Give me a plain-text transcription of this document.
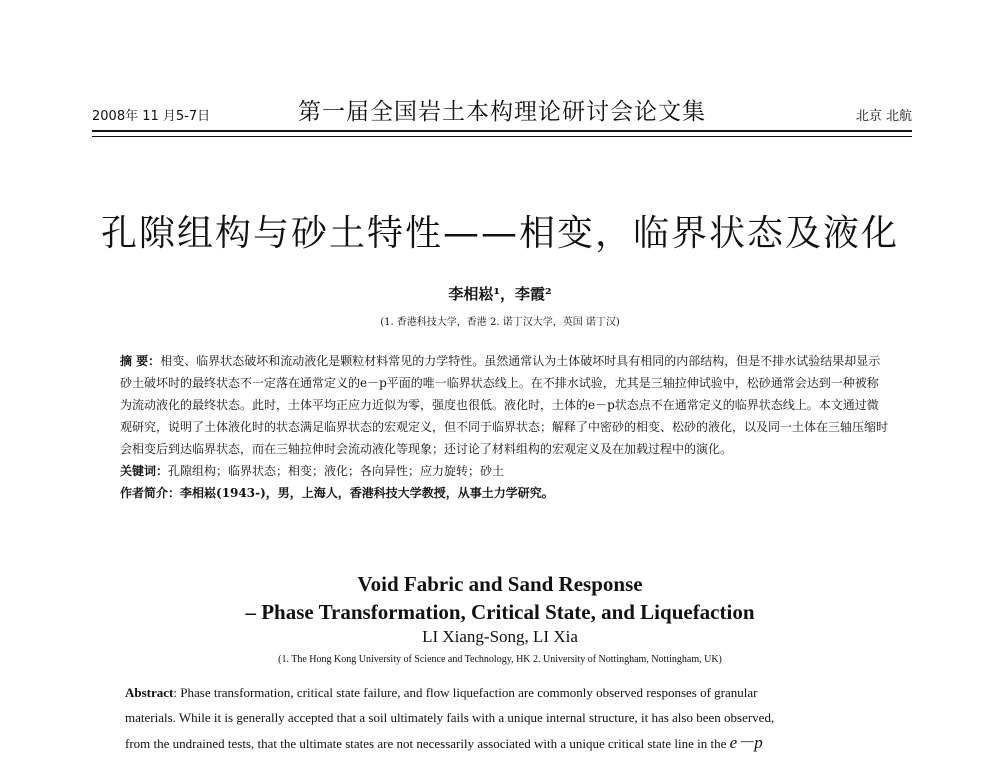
2008年 11 月5-7日	第一届全国岩土本构理论研讨会论文集	北京 北航
孔隙组构与砂土特性——相变，临界状态及液化
李相崧¹，李霞²
(1. 香港科技大学，香港 2. 诺丁汉大学，英国 诺丁汉)

摘 要：相变、临界状态破坏和流动液化是颗粒材料常见的力学特性。虽然通常认为土体破坏时具有相同的内部结构，但是不排水试验结果却显示砂土破坏时的最终状态不一定落在通常定义的e－p平面的唯一临界状态线上。在不排水试验，尤其是三轴拉伸试验中，松砂通常会达到一种被称为流动液化的最终状态。此时，土体平均正应力近似为零，强度也很低。液化时，土体的e－p状态点不在通常定义的临界状态线上。本文通过微观研究，说明了土体液化时的状态满足临界状态的宏观定义，但不同于临界状态；解释了中密砂的相变、松砂的液化，以及同一土体在三轴压缩时会相变后到达临界状态，而在三轴拉伸时会流动液化等现象；还讨论了材料组构的宏观定义及在加载过程中的演化。

关键词：孔隙组构；临界状态；相变；液化；各向异性；应力旋转；砂土

作者简介：李相崧(1943-)，男，上海人，香港科技大学教授，从事土力学研究。

Void Fabric and Sand Response
– Phase Transformation, Critical State, and Liquefaction
LI Xiang-Song, LI Xia
(1. The Hong Kong University of Science and Technology, HK 2. University of Nottingham, Nottingham, UK)

Abstract: Phase transformation, critical state failure, and flow liquefaction are commonly observed responses of granular

materials. While it is generally accepted that a soil ultimately fails with a unique internal structure, it has also been observed,

from the undrained tests, that the ultimate states are not necessarily associated with a unique critical state line in the e－p
